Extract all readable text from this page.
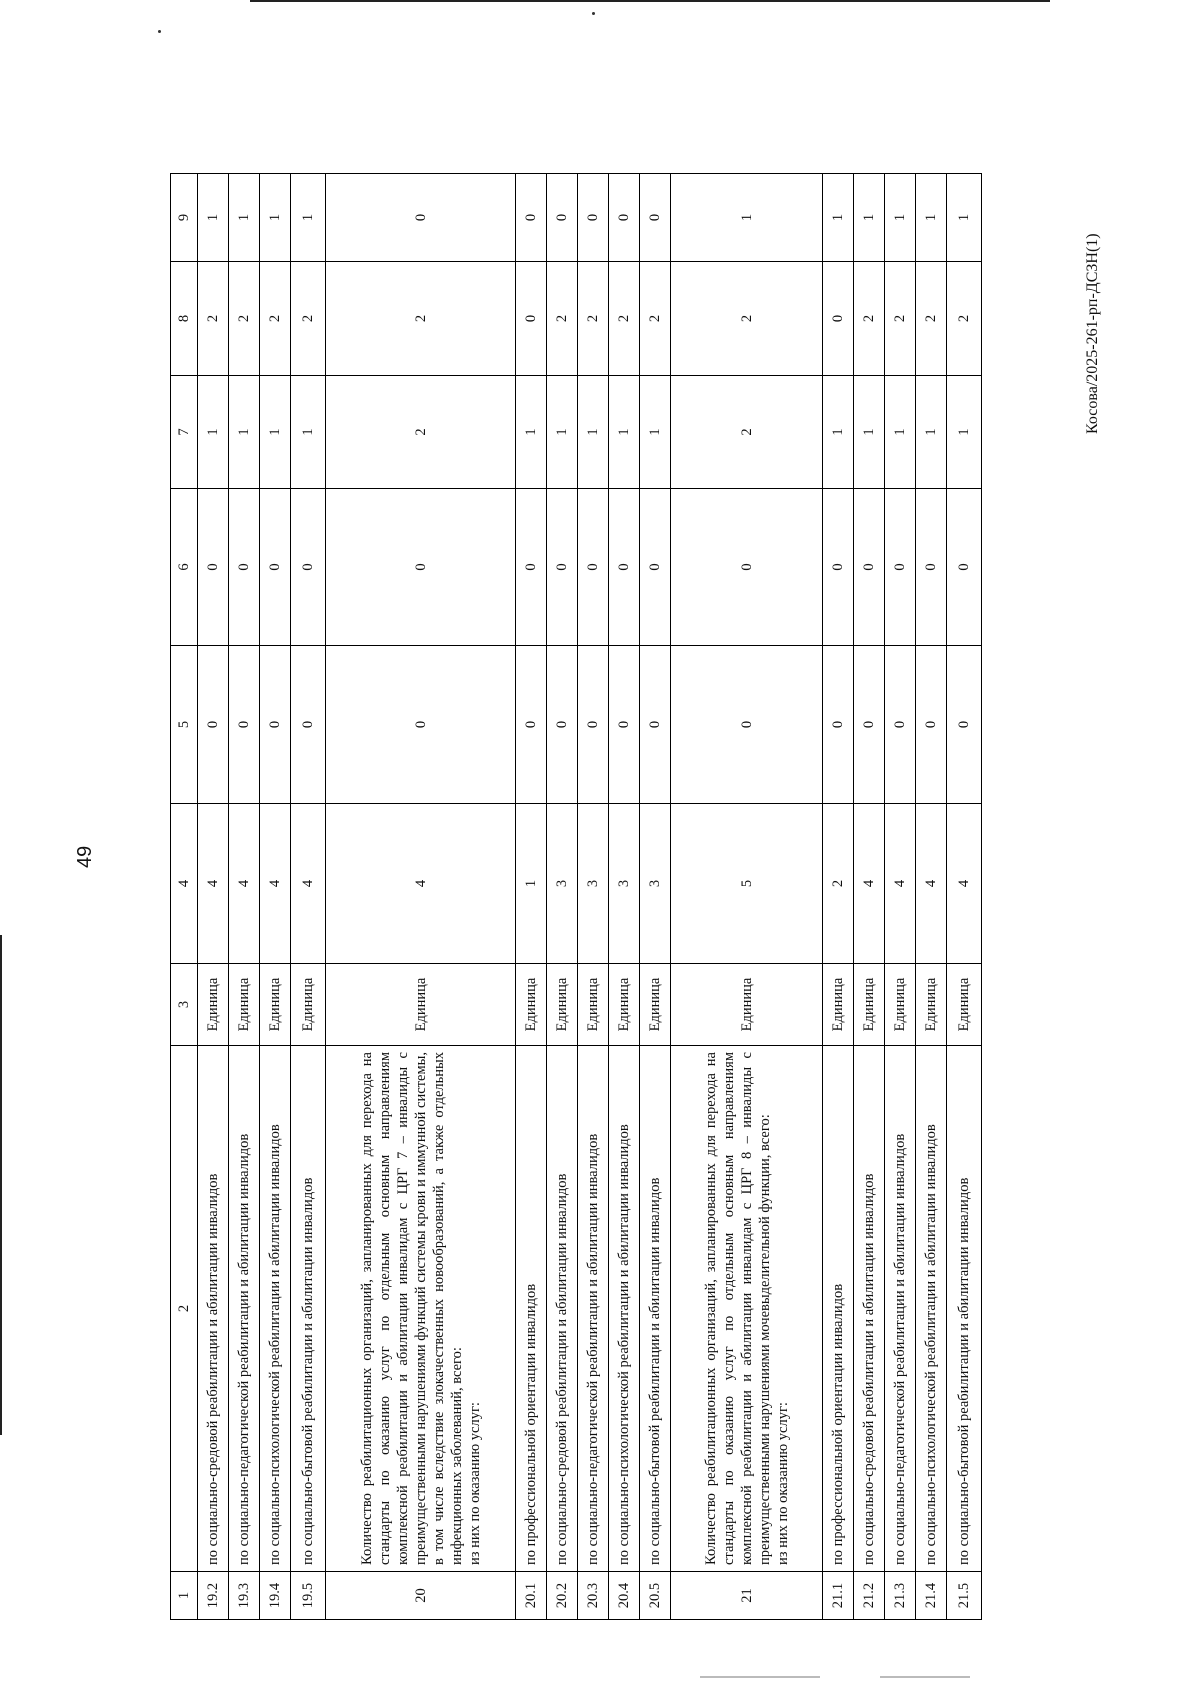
49
1	2	3	4	5	6	7	8	9
19.2	по социально-средовой реабилитации и абилитации инвалидов	Единица	4	0	0	1	2	1
19.3	по социально-педагогической реабилитации и абилитации инвалидов	Единица	4	0	0	1	2	1
19.4	по социально-психологической реабилитации и абилитации инвалидов	Единица	4	0	0	1	2	1
19.5	по социально-бытовой реабилитации и абилитации инвалидов	Единица	4	0	0	1	2	1
20	Количество реабилитационных организаций, запланированных для перехода на стандарты по оказанию услуг по отдельным основным направлениям комплексной реабилитации и абилитации инвалидам с ЦРГ 7 – инвалиды с преимущественными нарушениями функций системы крови и иммунной системы, в том числе вследствие злокачественных новообразований, а также отдельных инфекционных заболеваний, всего: из них по оказанию услуг:	Единица	4	0	0	2	2	0
20.1	по профессиональной ориентации инвалидов	Единица	1	0	0	1	0	0
20.2	по социально-средовой реабилитации и абилитации инвалидов	Единица	3	0	0	1	2	0
20.3	по социально-педагогической реабилитации и абилитации инвалидов	Единица	3	0	0	1	2	0
20.4	по социально-психологической реабилитации и абилитации инвалидов	Единица	3	0	0	1	2	0
20.5	по социально-бытовой реабилитации и абилитации инвалидов	Единица	3	0	0	1	2	0
21	Количество реабилитационных организаций, запланированных для перехода на стандарты по оказанию услуг по отдельным основным направлениям комплексной реабилитации и абилитации инвалидам с ЦРГ 8 – инвалиды с преимущественными нарушениями мочевыделительной функции, всего: из них по оказанию услуг:	Единица	5	0	0	2	2	1
21.1	по профессиональной ориентации инвалидов	Единица	2	0	0	1	0	1
21.2	по социально-средовой реабилитации и абилитации инвалидов	Единица	4	0	0	1	2	1
21.3	по социально-педагогической реабилитации и абилитации инвалидов	Единица	4	0	0	1	2	1
21.4	по социально-психологической реабилитации и абилитации инвалидов	Единица	4	0	0	1	2	1
21.5	по социально-бытовой реабилитации и абилитации инвалидов	Единица	4	0	0	1	2	1
Косова/2025-261-рп-ДСЗН(1)
